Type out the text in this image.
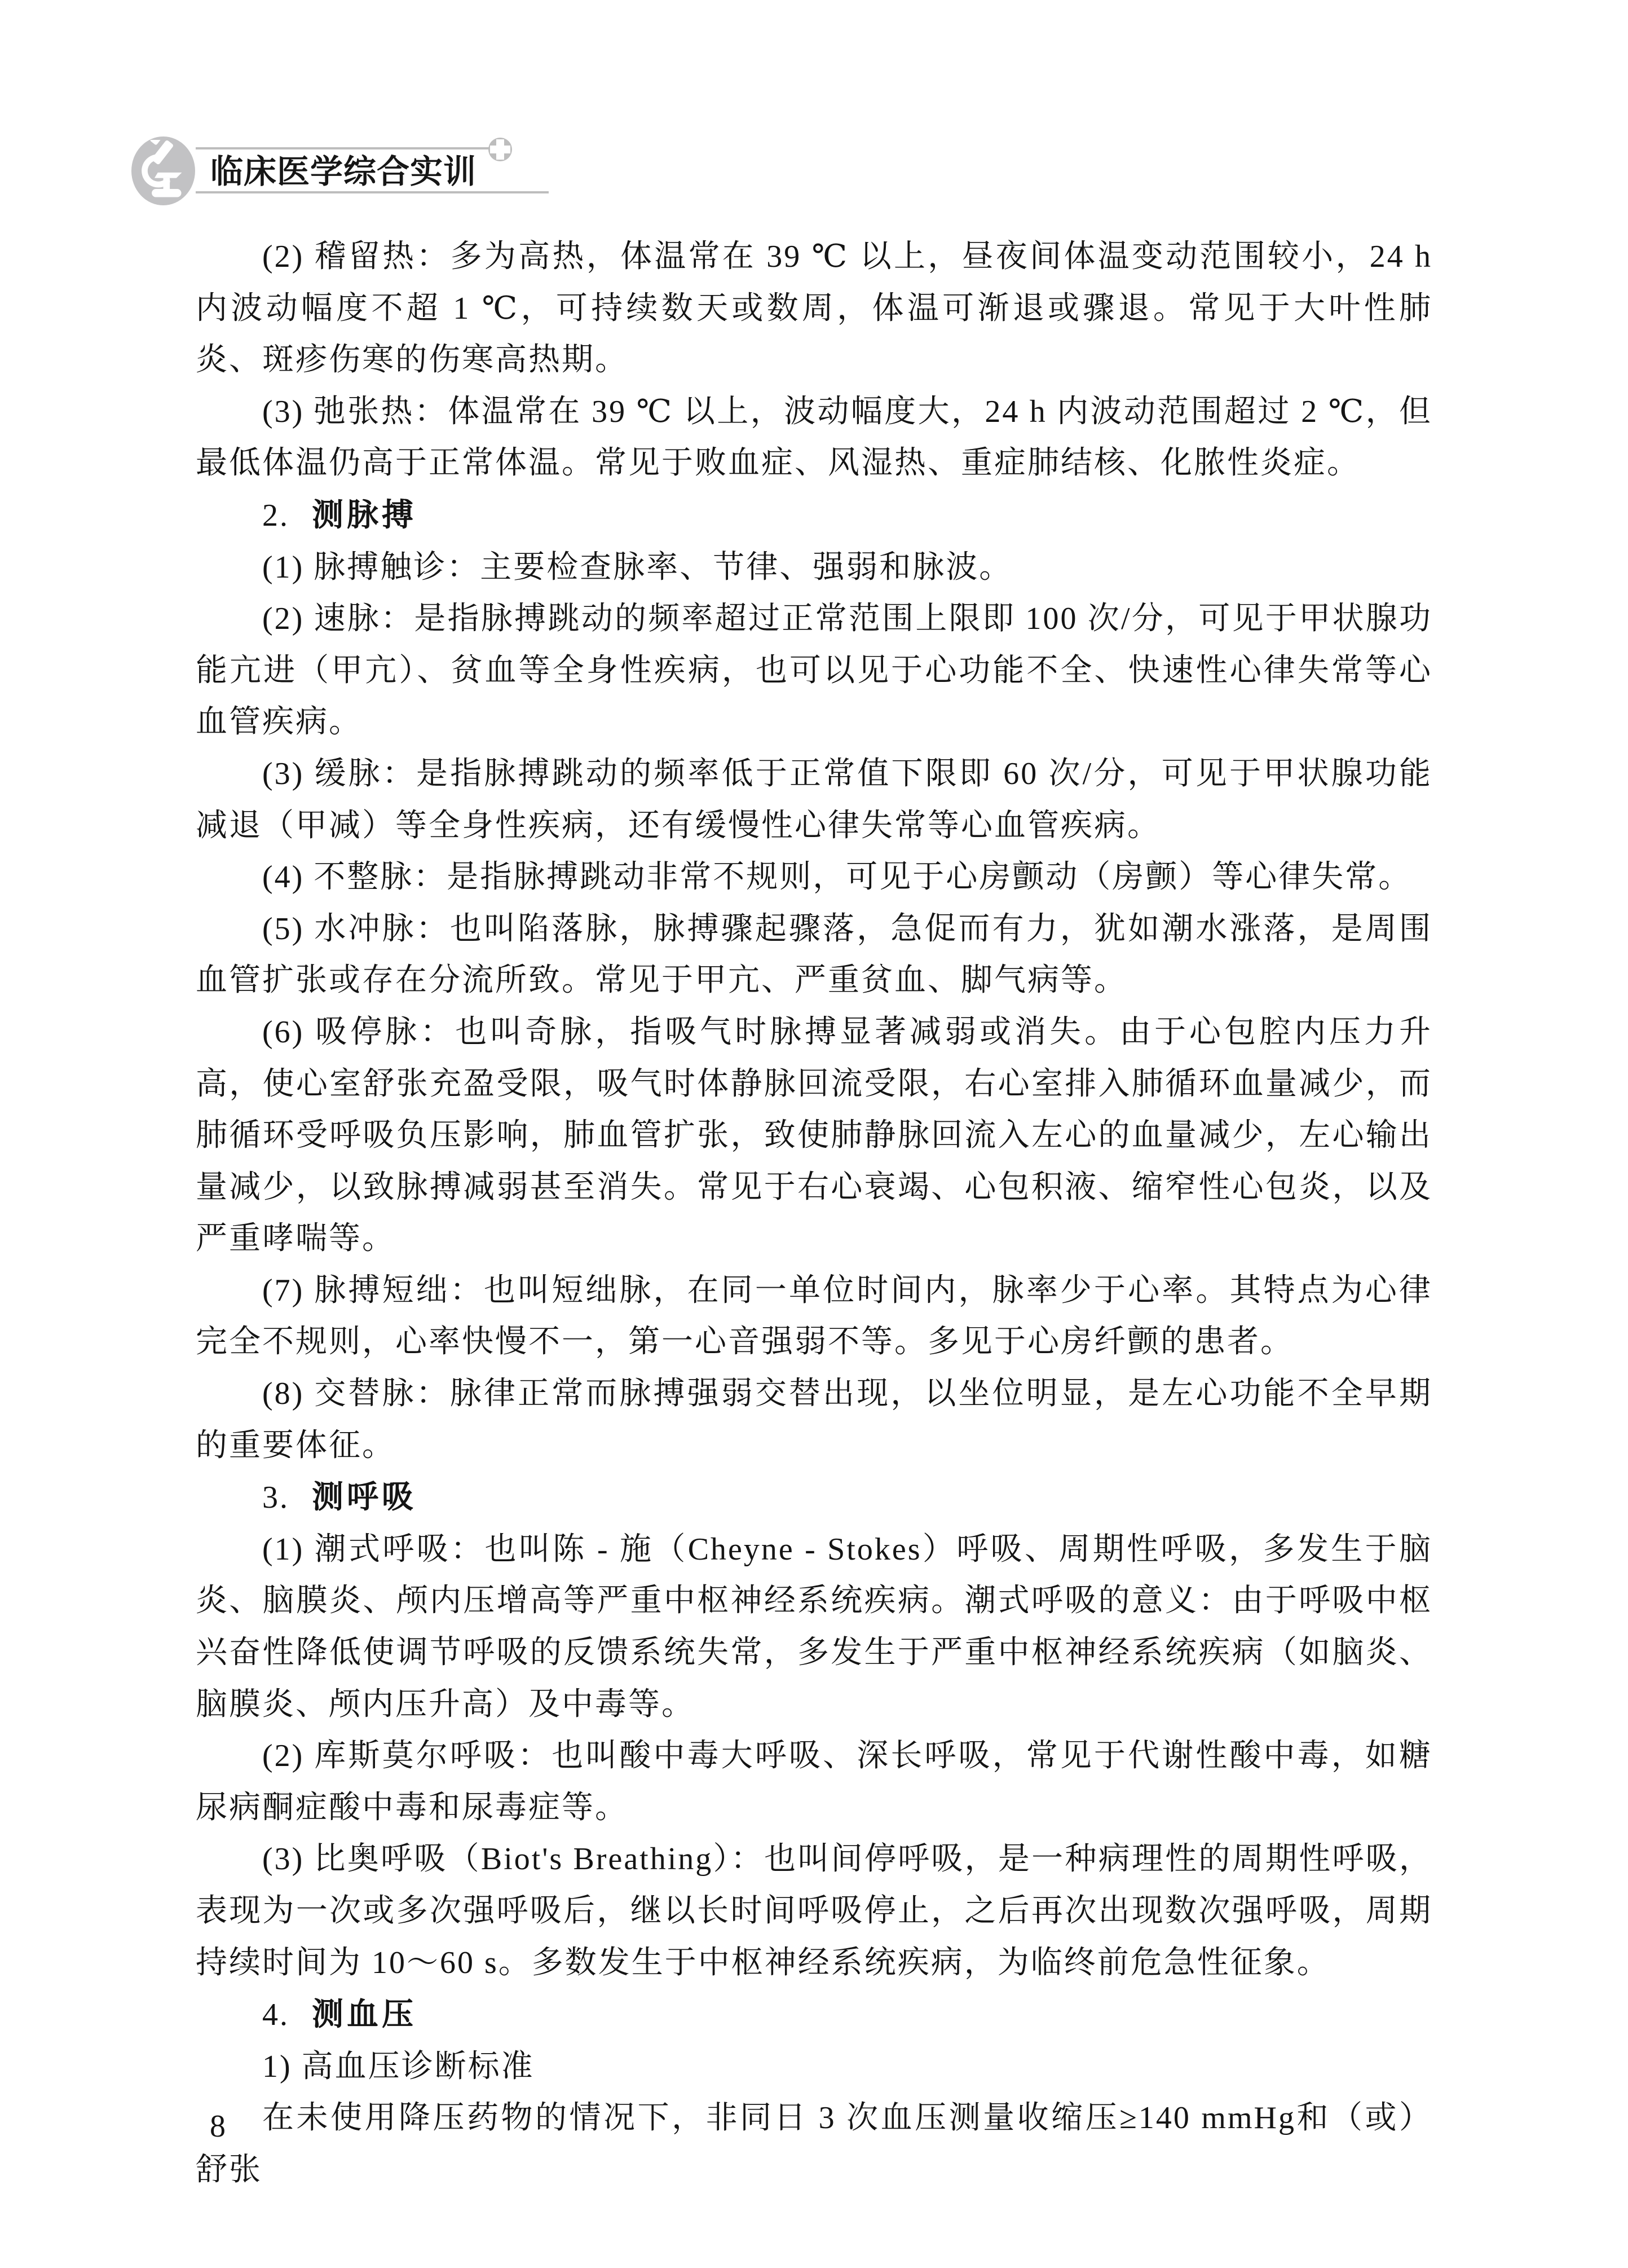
临床医学综合实训

(2) 稽留热：多为高热，体温常在 39 ℃ 以上，昼夜间体温变动范围较小，24 h 内波动幅度不超 1 ℃，可持续数天或数周，体温可渐退或骤退。常见于大叶性肺炎、斑疹伤寒的伤寒高热期。

(3) 弛张热：体温常在 39 ℃ 以上，波动幅度大，24 h 内波动范围超过 2 ℃，但最低体温仍高于正常体温。常见于败血症、风湿热、重症肺结核、化脓性炎症。

2. 测脉搏

(1) 脉搏触诊：主要检查脉率、节律、强弱和脉波。

(2) 速脉：是指脉搏跳动的频率超过正常范围上限即 100 次/分，可见于甲状腺功能亢进（甲亢）、贫血等全身性疾病，也可以见于心功能不全、快速性心律失常等心血管疾病。

(3) 缓脉：是指脉搏跳动的频率低于正常值下限即 60 次/分，可见于甲状腺功能减退（甲减）等全身性疾病，还有缓慢性心律失常等心血管疾病。

(4) 不整脉：是指脉搏跳动非常不规则，可见于心房颤动（房颤）等心律失常。

(5) 水冲脉：也叫陷落脉，脉搏骤起骤落，急促而有力，犹如潮水涨落，是周围血管扩张或存在分流所致。常见于甲亢、严重贫血、脚气病等。

(6) 吸停脉：也叫奇脉，指吸气时脉搏显著减弱或消失。由于心包腔内压力升高，使心室舒张充盈受限，吸气时体静脉回流受限，右心室排入肺循环血量减少，而肺循环受呼吸负压影响，肺血管扩张，致使肺静脉回流入左心的血量减少，左心输出量减少，以致脉搏减弱甚至消失。常见于右心衰竭、心包积液、缩窄性心包炎，以及严重哮喘等。

(7) 脉搏短绌：也叫短绌脉，在同一单位时间内，脉率少于心率。其特点为心律完全不规则，心率快慢不一，第一心音强弱不等。多见于心房纤颤的患者。

(8) 交替脉：脉律正常而脉搏强弱交替出现，以坐位明显，是左心功能不全早期的重要体征。

3. 测呼吸

(1) 潮式呼吸：也叫陈 - 施（Cheyne - Stokes）呼吸、周期性呼吸，多发生于脑炎、脑膜炎、颅内压增高等严重中枢神经系统疾病。潮式呼吸的意义：由于呼吸中枢兴奋性降低使调节呼吸的反馈系统失常，多发生于严重中枢神经系统疾病（如脑炎、脑膜炎、颅内压升高）及中毒等。

(2) 库斯莫尔呼吸：也叫酸中毒大呼吸、深长呼吸，常见于代谢性酸中毒，如糖尿病酮症酸中毒和尿毒症等。

(3) 比奥呼吸（Biot's Breathing）：也叫间停呼吸，是一种病理性的周期性呼吸，表现为一次或多次强呼吸后，继以长时间呼吸停止，之后再次出现数次强呼吸，周期持续时间为 10～60 s。多数发生于中枢神经系统疾病，为临终前危急性征象。

4. 测血压

1) 高血压诊断标准

在未使用降压药物的情况下，非同日 3 次血压测量收缩压≥140 mmHg和（或）舒张

8
